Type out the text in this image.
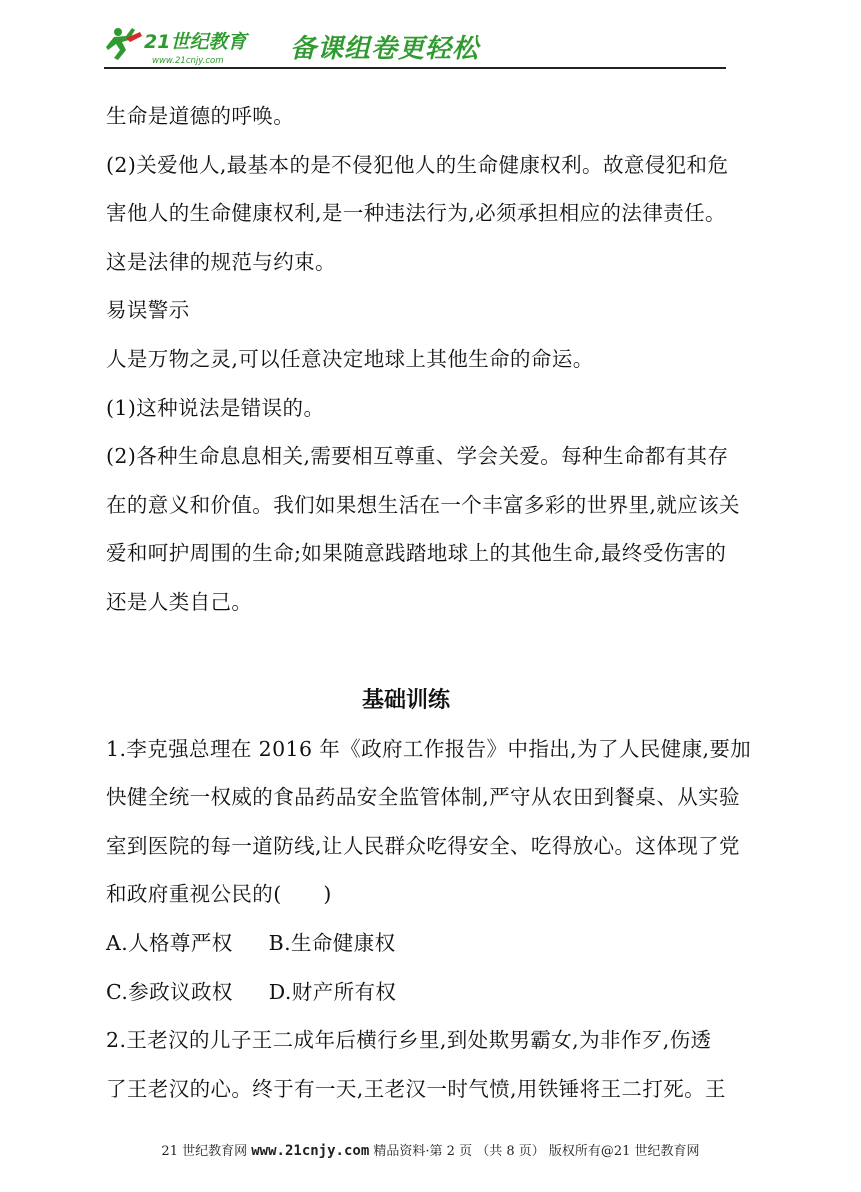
21世纪教育
www.21cnjy.com	备课组卷更轻松

生命是道德的呼唤。

(2)关爱他人,最基本的是不侵犯他人的生命健康权利。故意侵犯和危

害他人的生命健康权利,是一种违法行为,必须承担相应的法律责任。

这是法律的规范与约束。

易误警示

人是万物之灵,可以任意决定地球上其他生命的命运。

(1)这种说法是错误的。

(2)各种生命息息相关,需要相互尊重、学会关爱。每种生命都有其存

在的意义和价值。我们如果想生活在一个丰富多彩的世界里,就应该关

爱和呵护周围的生命;如果随意践踏地球上的其他生命,最终受伤害的

还是人类自己。

基础训练

1.李克强总理在 2016 年《政府工作报告》中指出,为了人民健康,要加

快健全统一权威的食品药品安全监管体制,严守从农田到餐桌、从实验

室到医院的每一道防线,让人民群众吃得安全、吃得放心。这体现了党

和政府重视公民的(　　)

A.人格尊严权 B.生命健康权

C.参政议政权 D.财产所有权

2.王老汉的儿子王二成年后横行乡里,到处欺男霸女,为非作歹,伤透

了王老汉的心。终于有一天,王老汉一时气愤,用铁锤将王二打死。王

21 世纪教育网 www.21cnjy.com 精品资料·第 2 页 （共 8 页） 版权所有@21 世纪教育网
